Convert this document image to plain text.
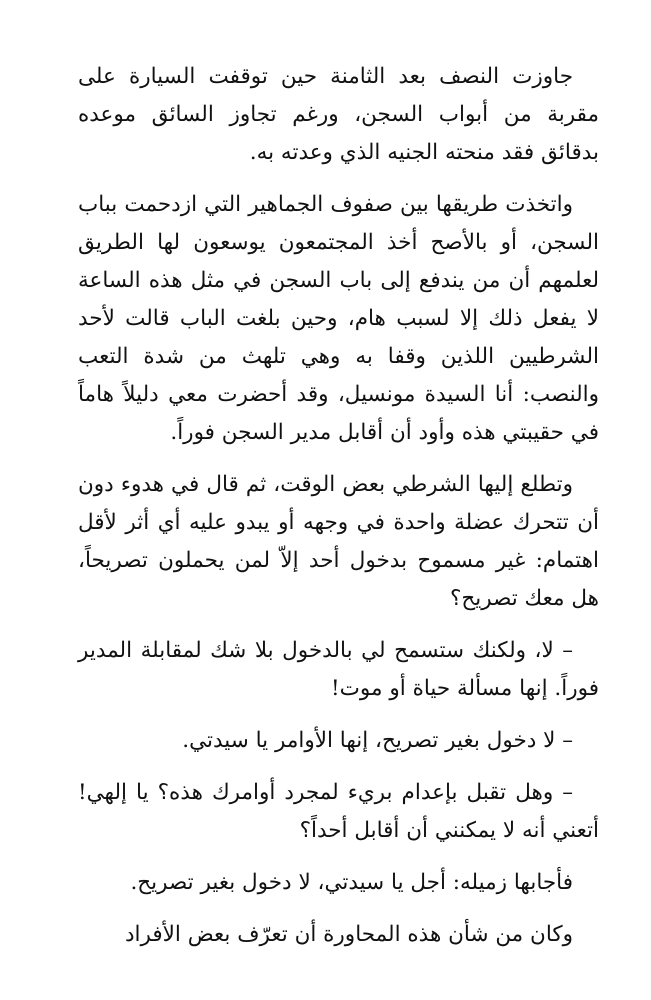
جاوزت النصف بعد الثامنة حين توقفت السيارة على مقربة من أبواب السجن، ورغم تجاوز السائق موعده بدقائق فقد منحته الجنيه الذي وعدته به.

واتخذت طريقها بين صفوف الجماهير التي ازدحمت بباب السجن، أو بالأصح أخذ المجتمعون يوسعون لها الطريق لعلمهم أن من يندفع إلى باب السجن في مثل هذه الساعة لا يفعل ذلك إلا لسبب هام، وحين بلغت الباب قالت لأحد الشرطيين اللذين وقفا به وهي تلهث من شدة التعب والنصب: أنا السيدة مونسيل، وقد أحضرت معي دليلاً هاماً في حقيبتي هذه وأود أن أقابل مدير السجن فوراً.

وتطلع إليها الشرطي بعض الوقت، ثم قال في هدوء دون أن تتحرك عضلة واحدة في وجهه أو يبدو عليه أي أثر لأقل اهتمام: غير مسموح بدخول أحد إلاّ لمن يحملون تصريحاً، هل معك تصريح؟

– لا، ولكنك ستسمح لي بالدخول بلا شك لمقابلة المدير فوراً. إنها مسألة حياة أو موت!

– لا دخول بغير تصريح، إنها الأوامر يا سيدتي.

– وهل تقبل بإعدام بريء لمجرد أوامرك هذه؟ يا إلهي! أتعني أنه لا يمكنني أن أقابل أحداً؟

فأجابها زميله: أجل يا سيدتي، لا دخول بغير تصريح.

وكان من شأن هذه المحاورة أن تعرّف بعض الأفراد
